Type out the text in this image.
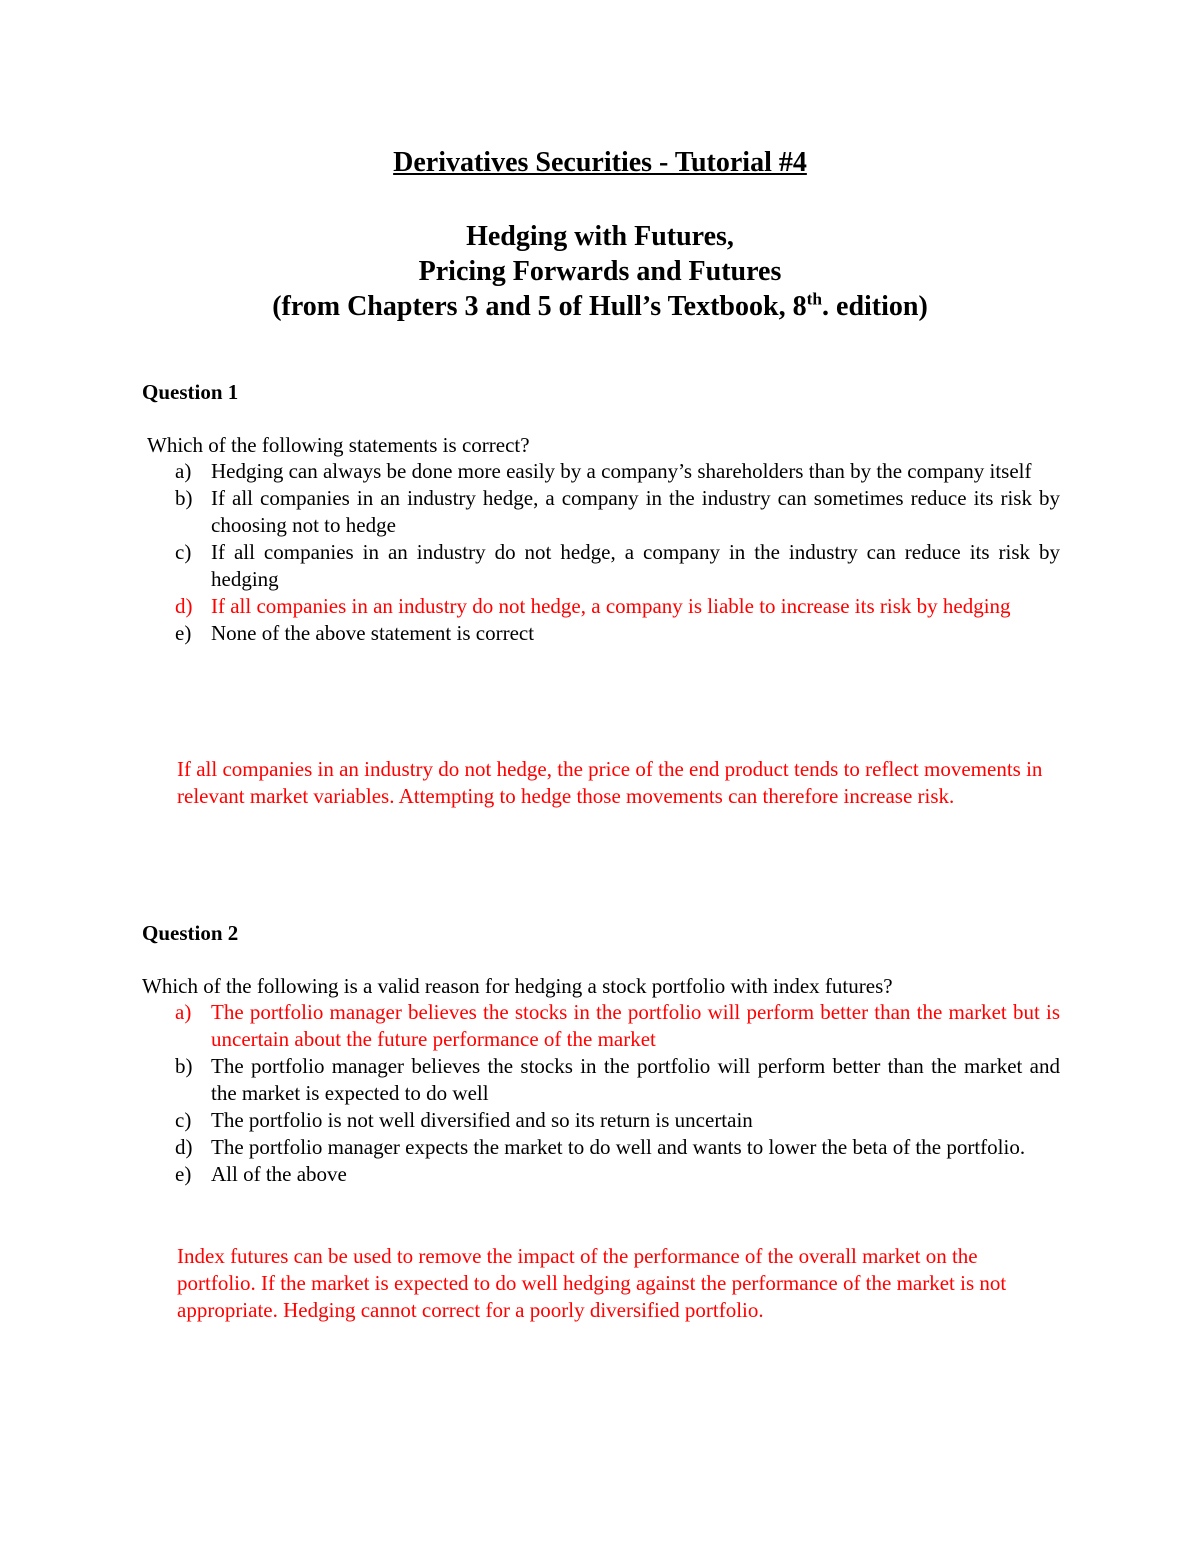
Derivatives Securities - Tutorial #4
Hedging with Futures,
Pricing Forwards and Futures
(from Chapters 3 and 5 of Hull’s Textbook, 8th. edition)
Question 1
Which of the following statements is correct?
a) Hedging can always be done more easily by a company’s shareholders than by the company itself
b) If all companies in an industry hedge, a company in the industry can sometimes reduce its risk by choosing not to hedge
c) If all companies in an industry do not hedge, a company in the industry can reduce its risk by hedging
d) If all companies in an industry do not hedge, a company is liable to increase its risk by hedging
e) None of the above statement is correct
If all companies in an industry do not hedge, the price of the end product tends to reflect movements in relevant market variables. Attempting to hedge those movements can therefore increase risk.
Question 2
Which of the following is a valid reason for hedging a stock portfolio with index futures?
a) The portfolio manager believes the stocks in the portfolio will perform better than the market but is uncertain about the future performance of the market
b) The portfolio manager believes the stocks in the portfolio will perform better than the market and the market is expected to do well
c) The portfolio is not well diversified and so its return is uncertain
d) The portfolio manager expects the market to do well and wants to lower the beta of the portfolio.
e) All of the above
Index futures can be used to remove the impact of the performance of the overall market on the portfolio. If the market is expected to do well hedging against the performance of the market is not appropriate. Hedging cannot correct for a poorly diversified portfolio.
